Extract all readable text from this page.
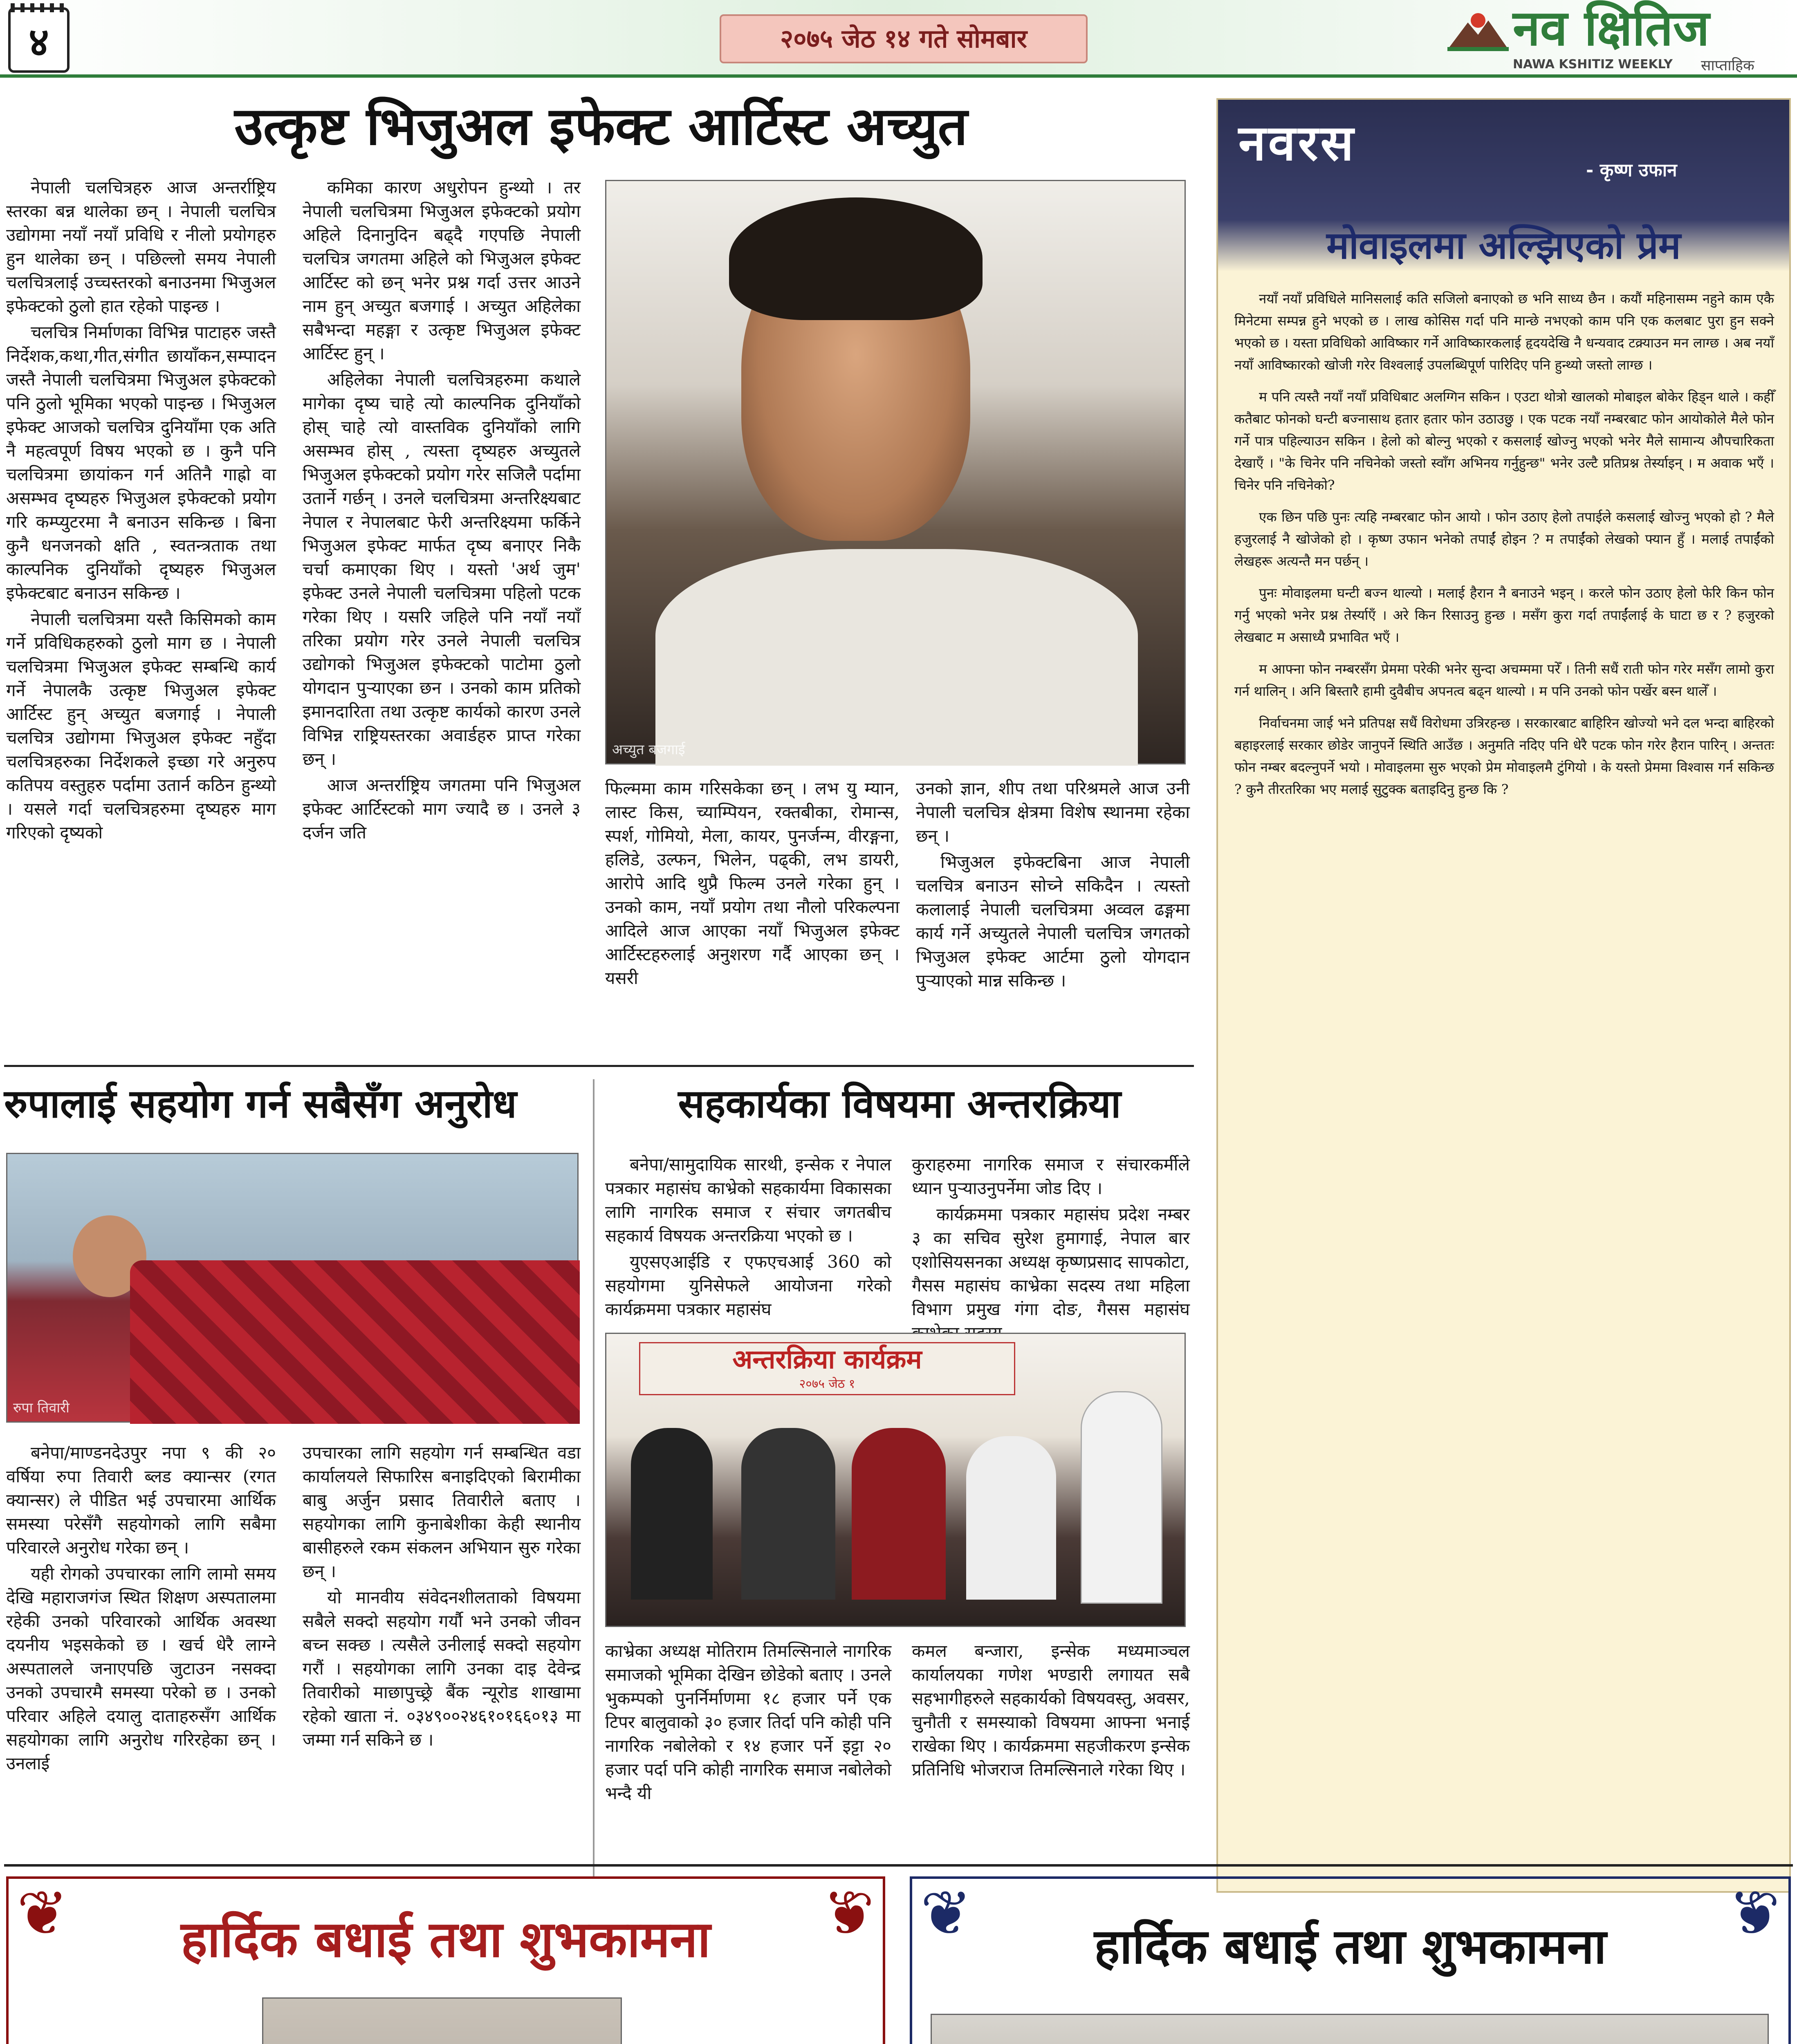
४	२०७५ जेठ १४ गते सोमबार	नव क्षितिज
NAWA KSHITIZ WEEKLY साप्ताहिक
उत्कृष्ट भिजुअल इफेक्ट आर्टिस्ट अच्युत

नेपाली चलचित्रहरु आज अन्तर्राष्ट्रिय स्तरका बन्न थालेका छन् । नेपाली चलचित्र उद्योगमा नयाँ नयाँ प्रविधि र नीलो प्रयोगहरु हुन थालेका छन् । पछिल्लो समय नेपाली चलचित्रलाई उच्चस्तरको बनाउनमा भिजुअल इफेक्टको ठुलो हात रहेको पाइन्छ ।

चलचित्र निर्माणका विभिन्न पाटाहरु जस्तै निर्देशक,कथा,गीत,संगीत छायाँकन,सम्पादन जस्तै नेपाली चलचित्रमा भिजुअल इफेक्टको पनि ठुलो भूमिका भएको पाइन्छ । भिजुअल इफेक्ट आजको चलचित्र दुनियाँमा एक अति नै महत्वपूर्ण विषय भएको छ । कुनै पनि चलचित्रमा छायांकन गर्न अतिनै गाह्रो वा असम्भव दृष्यहरु भिजुअल इफेक्टको प्रयोग गरि कम्प्युटरमा नै बनाउन सकिन्छ । बिना कुनै धनजनको क्षति , स्वतन्त्रताक तथा काल्पनिक दुनियाँको दृष्यहरु भिजुअल इफेक्टबाट बनाउन सकिन्छ ।

नेपाली चलचित्रमा यस्तै किसिमको काम गर्ने प्रविधिकहरुको ठुलो माग छ । नेपाली चलचित्रमा भिजुअल इफेक्ट सम्बन्धि कार्य गर्ने नेपालकै उत्कृष्ट भिजुअल इफेक्ट आर्टिस्ट हुन् अच्युत बजगाई । नेपाली चलचित्र उद्योगमा भिजुअल इफेक्ट नहुँदा चलचित्रहरुका निर्देशकले इच्छा गरे अनुरुप कतिपय वस्तुहरु पर्दामा उतार्न कठिन हुन्थ्यो । यसले गर्दा चलचित्रहरुमा दृष्यहरु माग गरिएको दृष्यको

कमिका कारण अधुरोपन हुन्थ्यो । तर नेपाली चलचित्रमा भिजुअल इफेक्टको प्रयोग अहिले दिनानुदिन बढ्दै गएपछि नेपाली चलचित्र जगतमा अहिले को भिजुअल इफेक्ट आर्टिस्ट को छन् भनेर प्रश्न गर्दा उत्तर आउने नाम हुन् अच्युत बजगाई । अच्युत अहिलेका सबैभन्दा महङ्गा र उत्कृष्ट भिजुअल इफेक्ट आर्टिस्ट हुन् ।

अहिलेका नेपाली चलचित्रहरुमा कथाले मागेका दृष्य चाहे त्यो काल्पनिक दुनियाँको होस् चाहे त्यो वास्तविक दुनियाँको लागि असम्भव होस् , त्यस्ता दृष्यहरु अच्युतले भिजुअल इफेक्टको प्रयोग गरेर सजिलै पर्दामा उतार्ने गर्छन् । उनले चलचित्रमा अन्तरिक्ष्यबाट नेपाल र नेपालबाट फेरी अन्तरिक्ष्यमा फर्किने भिजुअल इफेक्ट मार्फत दृष्य बनाएर निकै चर्चा कमाएका थिए । यस्तो 'अर्थ जुम' इफेक्ट उनले नेपाली चलचित्रमा पहिलो पटक गरेका थिए । यसरि जहिले पनि नयाँ नयाँ तरिका प्रयोग गरेर उनले नेपाली चलचित्र उद्योगको भिजुअल इफेक्टको पाटोमा ठुलो योगदान पुऱ्याएका छन । उनको काम प्रतिको इमानदारिता तथा उत्कृष्ट कार्यको कारण उनले विभिन्न राष्ट्रियस्तरका अवार्डहरु प्राप्त गरेका छन् ।

आज अन्तर्राष्ट्रिय जगतमा पनि भिजुअल इफेक्ट आर्टिस्टको माग ज्यादै छ । उनले ३ दर्जन जति

अच्युत बजगाई

फिल्ममा काम गरिसकेका छन् । लभ यु म्यान, लास्ट किस, च्याम्पियन, रक्तबीका, रोमान्स, स्पर्श, गोमियो, मेला, कायर, पुनर्जन्म, वीरङ्गना, हलिडे, उल्फन, भिलेन, पढ्की, लभ डायरी, आरोपे आदि थुप्रै फिल्म उनले गरेका हुन् । उनको काम, नयाँ प्रयोग तथा नौलो परिकल्पना आदिले आज आएका नयाँ भिजुअल इफेक्ट आर्टिस्टहरुलाई अनुशरण गर्दै आएका छन् । यसरी

उनको ज्ञान, शीप तथा परिश्रमले आज उनी नेपाली चलचित्र क्षेत्रमा विशेष स्थानमा रहेका छन् ।

भिजुअल इफेक्टबिना आज नेपाली चलचित्र बनाउन सोच्ने सकिदैन । त्यस्तो कलालाई नेपाली चलचित्रमा अव्वल ढङ्गमा कार्य गर्ने अच्युतले नेपाली चलचित्र जगतको भिजुअल इफेक्ट आर्टमा ठुलो योगदान पुऱ्याएको मान्न सकिन्छ ।

रुपालाई सहयोग गर्न सबैसँग अनुरोध
रुपा तिवारी

बनेपा/माण्डनदेउपुर नपा ९ की २० वर्षिया रुपा तिवारी ब्लड क्यान्सर (रगत क्यान्सर) ले पीडित भई उपचारमा आर्थिक समस्या परेसँगै सहयोगको लागि सबैमा परिवारले अनुरोध गरेका छन् ।

यही रोगको उपचारका लागि लामो समय देखि महाराजगंज स्थित शिक्षण अस्पतालमा रहेकी उनको परिवारको आर्थिक अवस्था दयनीय भइसकेको छ । खर्च धेरै लाग्ने अस्पतालले जनाएपछि जुटाउन नसक्दा उनको उपचारमै समस्या परेको छ । उनको परिवार अहिले दयालु दाताहरुसँग आर्थिक सहयोगका लागि अनुरोध गरिरहेका छन् । उनलाई

उपचारका लागि सहयोग गर्न सम्बन्धित वडा कार्यालयले सिफारिस बनाइदिएको बिरामीका बाबु अर्जुन प्रसाद तिवारीले बताए । सहयोगका लागि कुनाबेशीका केही स्थानीय बासीहरुले रकम संकलन अभियान सुरु गरेका छन् ।

यो मानवीय संवेदनशीलताको विषयमा सबैले सक्दो सहयोग गर्यौ भने उनको जीवन बच्न सक्छ । त्यसैले उनीलाई सक्दो सहयोग गरौं । सहयोगका लागि उनका दाइ देवेन्द्र तिवारीको माछापुच्छ्रे बैंक न्यूरोड शाखामा रहेको खाता नं. ०३४९००२४६१०१६६०१३ मा जम्मा गर्न सकिने छ ।

सहकार्यका विषयमा अन्तरक्रिया

बनेपा/सामुदायिक सारथी, इन्सेक र नेपाल पत्रकार महासंघ काभ्रेको सहकार्यमा विकासका लागि नागरिक समाज र संचार जगतबीच सहकार्य विषयक अन्तरक्रिया भएको छ ।

युएसएआईडि र एफएचआई 360 को सहयोगमा युनिसेफले आयोजना गरेको कार्यक्रममा पत्रकार महासंघ

कुराहरुमा नागरिक समाज र संचारकर्मीले ध्यान पुऱ्याउनुपर्नेमा जोड दिए ।

कार्यक्रममा पत्रकार महासंघ प्रदेश नम्बर ३ का सचिव सुरेश हुमागाई, नेपाल बार एशोसियसनका अध्यक्ष कृष्णप्रसाद सापकोटा, गैसस महासंघ काभ्रेका सदस्य तथा महिला विभाग प्रमुख गंगा दोङ, गैसस महासंघ

अन्तरक्रिया कार्यक्रम
२०७५ जेठ १

काभ्रेका अध्यक्ष मोतिराम तिमल्सिनाले नागरिक समाजको भूमिका देखिन छोडेको बताए । उनले भुकम्पको पुनर्निर्माणमा १८ हजार पर्ने एक टिपर बालुवाको ३० हजार तिर्दा पनि कोही पनि नागरिक नबोलेको र १४ हजार पर्ने इट्टा २० हजार पर्दा पनि कोही नागरिक समाज नबोलेको भन्दै यी

कमल बन्जारा, इन्सेक मध्यमाञ्चल कार्यालयका गणेश भण्डारी लगायत सबै सहभागीहरुले सहकार्यको विषयवस्तु, अवसर, चुनौती र समस्याको विषयमा आफ्ना भनाई राखेका थिए । कार्यक्रममा सहजीकरण इन्सेक प्रतिनिधि भोजराज तिमल्सिनाले गरेका थिए ।

नवरस	- कृष्ण उफान
मोवाइलमा अल्झिएको प्रेम

नयाँ नयाँ प्रविधिले मानिसलाई कति सजिलो बनाएको छ भनि साध्य छैन । कयौं महिनासम्म नहुने काम एकै मिनेटमा सम्पन्न हुने भएको छ । लाख कोसिस गर्दा पनि मान्छे नभएको काम पनि एक कलबाट पुरा हुन सक्ने भएको छ । यस्ता प्रविधिको आविष्कार गर्ने आविष्कारकलाई हृदयदेखि नै धन्यवाद टक्र्याउन मन लाग्छ । अब नयाँ नयाँ आविष्कारको खोजी गरेर विश्वलाई उपलब्धिपूर्ण पारिदिए पनि हुन्थ्यो जस्तो लाग्छ ।

म पनि त्यस्तै नयाँ नयाँ प्रविधिबाट अलग्गिन सकिन । एउटा थोत्रो खालको मोबाइल बोकेर हिड्न थाले । कहीँ कतैबाट फोनको घन्टी बज्नासाथ हतार हतार फोन उठाउछु । एक पटक नयाँ नम्बरबाट फोन आयोकोले मैले फोन गर्ने पात्र पहिल्याउन सकिन । हेलो को बोल्नु भएको र कसलाई खोज्नु भएको भनेर मैले सामान्य औपचारिकता देखाएँ । "के चिनेर पनि नचिनेको जस्तो स्वाँग अभिनय गर्नुहुन्छ" भनेर उल्टै प्रतिप्रश्न तेर्स्याइन् । म अवाक भएँ । चिनेर पनि नचिनेको?

एक छिन पछि पुनः त्यहि नम्बरबाट फोन आयो । फोन उठाए हेलो तपाईले कसलाई खोज्नु भएको हो ? मैले हजुरलाई नै खोजेको हो । कृष्ण उफान भनेको तपाईं होइन ? म तपाईंको लेखको फ्यान हुँ । मलाई तपाईंको लेखहरू अत्यन्तै मन पर्छन् ।

पुनः मोवाइलमा घन्टी बज्न थाल्यो । मलाई हैरान नै बनाउने भइन् । करले फोन उठाए हेलो फेरि किन फोन गर्नु भएको भनेर प्रश्न तेर्स्याएँ । अरे किन रिसाउनु हुन्छ । मसँग कुरा गर्दा तपाईंलाई के घाटा छ र ? हजुरको लेखबाट म असाध्यै प्रभावित भएँ ।

म आफ्ना फोन नम्बरसँग प्रेममा परेकी भनेर सुन्दा अचम्ममा परेँ । तिनी सधैं राती फोन गरेर मसँग लामो कुरा गर्न थालिन् । अनि बिस्तारै हामी दुवैबीच अपनत्व बढ्न थाल्यो । म पनि उनको फोन पर्खेर बस्न थालेँ ।

निर्वाचनमा जाई भने प्रतिपक्ष सधैं विरोधमा उत्रिरहन्छ । सरकारबाट बाहिरिन खोज्यो भने दल भन्दा बाहिरको बहाइरलाई सरकार छोडेर जानुपर्ने स्थिति आउँछ । अनुमति नदिए पनि धेरै पटक फोन गरेर हैरान पारिन् । अन्ततः फोन नम्बर बदल्नुपर्ने भयो । मोवाइलमा सुरु भएको प्रेम मोवाइलमै टुंगियो । के यस्तो प्रेममा विश्वास गर्न सकिन्छ ? कुनै तीरतरिका भए मलाई सुटुक्क बताइदिनु हुन्छ कि ?

❦	❦
हार्दिक बधाई तथा शुभकामना	❦	❦
हार्दिक बधाई तथा शुभकामना
